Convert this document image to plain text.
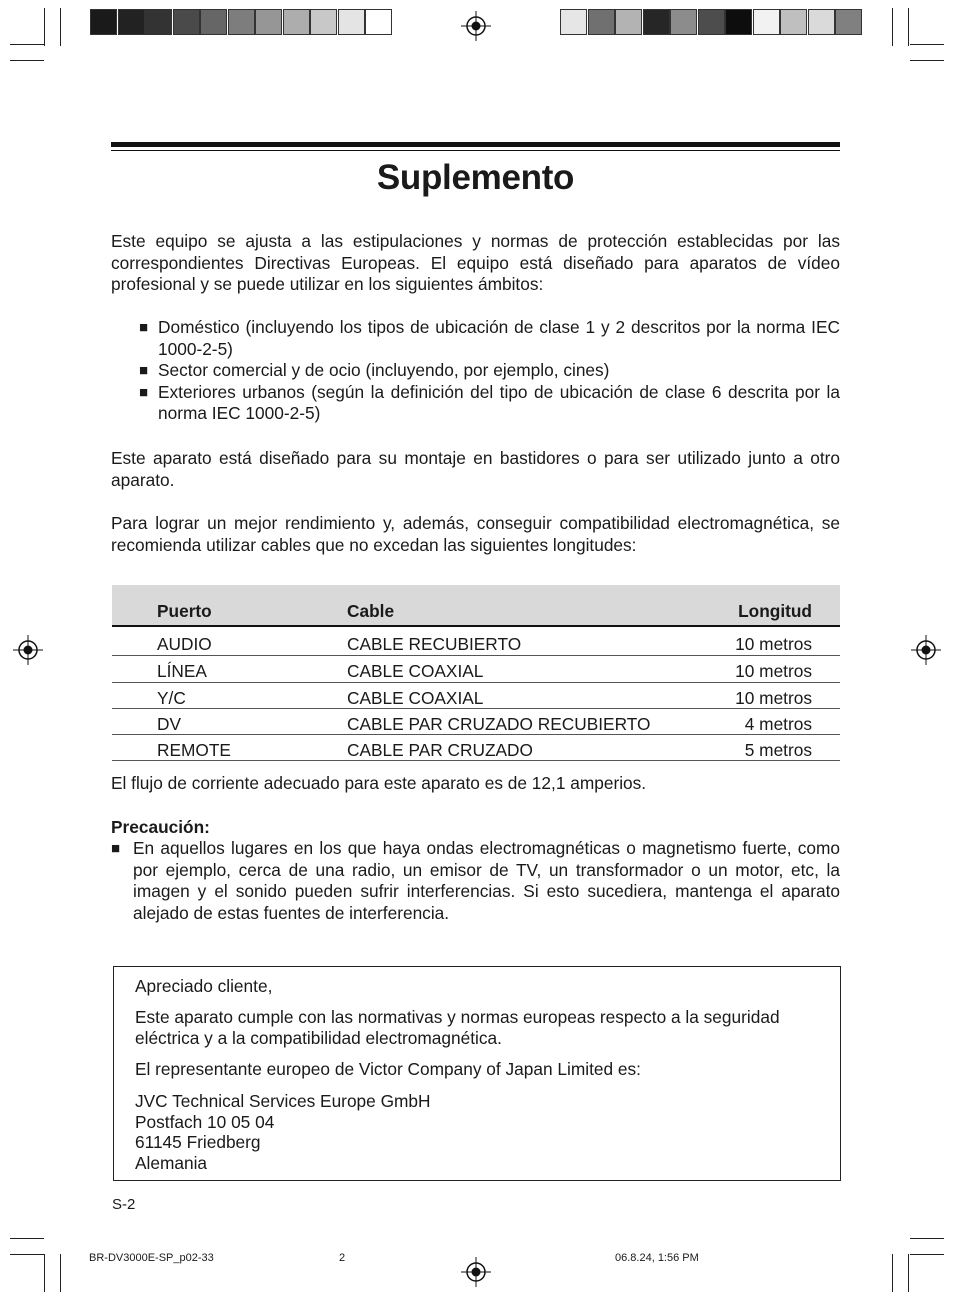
Suplemento

Este equipo se ajusta a las estipulaciones y normas de protección establecidas por las correspondientes Directivas Europeas. El equipo está diseñado para aparatos de vídeo profesional y se puede utilizar en los siguientes ámbitos:

■ Doméstico (incluyendo los tipos de ubicación de clase 1 y 2 descritos por la norma IEC 1000-2-5)
■ Sector comercial y de ocio (incluyendo, por ejemplo, cines)
■ Exteriores urbanos (según la definición del tipo de ubicación de clase 6 descrita por la norma IEC 1000-2-5)

Este aparato está diseñado para su montaje en bastidores o para ser utilizado junto a otro aparato.

Para lograr un mejor rendimiento y, además, conseguir compatibilidad electromagnética, se recomienda utilizar cables que no excedan las siguientes longitudes:

Puerto	Cable	Longitud
AUDIO	CABLE RECUBIERTO	10 metros
LÍNEA	CABLE COAXIAL	10 metros
Y/C	CABLE COAXIAL	10 metros
DV	CABLE PAR CRUZADO RECUBIERTO	4 metros
REMOTE	CABLE PAR CRUZADO	5 metros

El flujo de corriente adecuado para este aparato es de 12,1 amperios.

Precaución:
■ En aquellos lugares en los que haya ondas electromagnéticas o magnetismo fuerte, como por ejemplo, cerca de una radio, un emisor de TV, un transformador o un motor, etc, la imagen y el sonido pueden sufrir interferencias. Si esto sucediera, mantenga el aparato alejado de estas fuentes de interferencia.

Apreciado cliente,

Este aparato cumple con las normativas y normas europeas respecto a la seguridad eléctrica y a la compatibilidad electromagnética.

El representante europeo de Victor Company of Japan Limited es:

JVC Technical Services Europe GmbH

Postfach 10 05 04

61145 Friedberg

Alemania

S-2
BR-DV3000E-SP_p02-33	2	06.8.24, 1:56 PM
